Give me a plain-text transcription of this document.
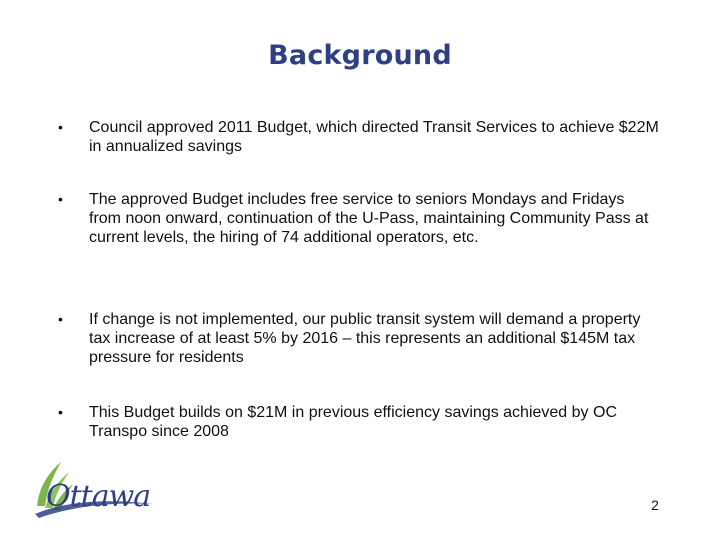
Background
• Council approved 2011 Budget, which directed Transit Services to achieve $22M in annualized savings
• The approved Budget includes free service to seniors Mondays and Fridays from noon onward, continuation of the U-Pass, maintaining Community Pass at current levels, the hiring of 74 additional operators, etc.
• If change is not implemented, our public transit system will demand a property tax increase of at least 5% by 2016 – this represents an additional $145M tax pressure for residents
• This Budget builds on $21M in previous efficiency savings achieved by OC Transpo since 2008
Ottawa	2
